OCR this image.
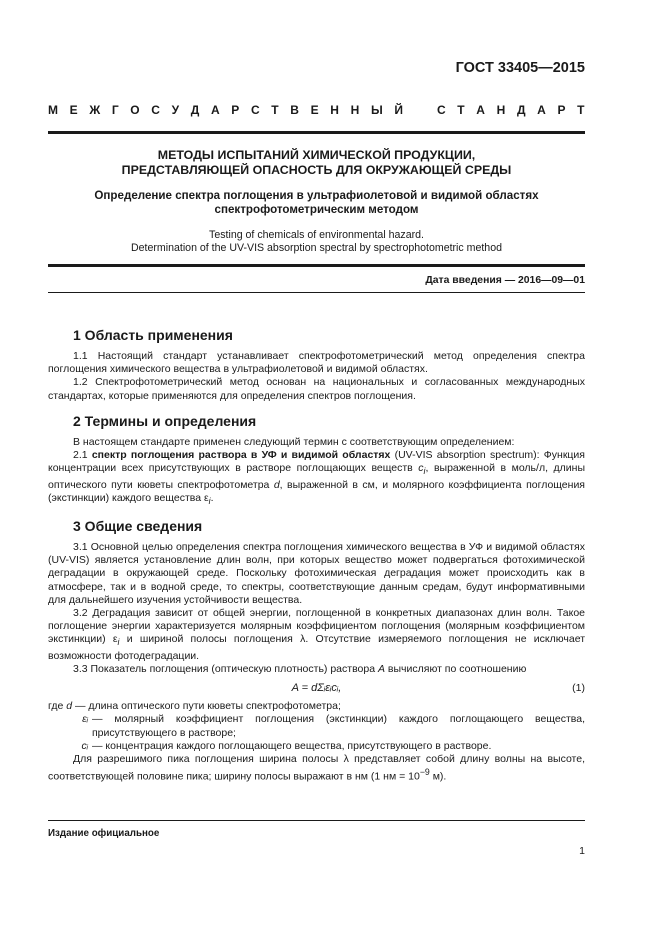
ГОСТ 33405—2015
М Е Ж Г О С У Д А Р С Т В Е Н Н Ы Й   С Т А Н Д А Р Т
МЕТОДЫ ИСПЫТАНИЙ ХИМИЧЕСКОЙ ПРОДУКЦИИ,
ПРЕДСТАВЛЯЮЩЕЙ ОПАСНОСТЬ ДЛЯ ОКРУЖАЮЩЕЙ СРЕДЫ
Определение спектра поглощения в ультрафиолетовой и видимой областях
спектрофотометрическим методом
Testing of chemicals of environmental hazard.
Determination of the UV-VIS absorption spectral by spectrophotometric method
Дата введения — 2016—09—01
1 Область применения

1.1 Настоящий стандарт устанавливает спектрофотометрический метод определения спектра поглощения химического вещества в ультрафиолетовой и видимой областях.

1.2 Спектрофотометрический метод основан на национальных и согласованных международных стандартах, которые применяются для определения спектров поглощения.

2 Термины и определения

В настоящем стандарте применен следующий термин с соответствующим определением:

2.1 спектр поглощения раствора в УФ и видимой областях (UV-VIS absorption spectrum): Функция концентрации всех присутствующих в растворе поглощающих веществ $c_i$, выраженной в моль/л, длины оптического пути кюветы спектрофотометра d, выраженной в см, и молярного коэффициента поглощения (экстинкции) каждого вещества $\varepsilon_i$.

3 Общие сведения

3.1 Основной целью определения спектра поглощения химического вещества в УФ и видимой областях (UV-VIS) является установление длин волн, при которых вещество может подвергаться фотохимической деградации в окружающей среде. Поскольку фотохимическая деградация может происходить как в атмосфере, так и в водной среде, то спектры, соответствующие данным средам, будут информативными для дальнейшего изучения устойчивости вещества.

3.2 Деградация зависит от общей энергии, поглощенной в конкретных диапазонах длин волн. Такое поглощение энергии характеризуется молярным коэффициентом поглощения (молярным коэффициентом экстинкции) $\varepsilon_i$ и шириной полосы поглощения λ. Отсутствие измеряемого поглощения не исключает возможности фотодеградации.

3.3 Показатель поглощения (оптическую плотность) раствора A вычисляют по соотношению

A = dΣᵢεᵢcᵢ,	(1)
где d — длина оптического пути кюветы спектрофотометра;
εᵢ — молярный коэффициент поглощения (экстинкции) каждого поглощающего вещества, присутствующего в растворе;
cᵢ — концентрация каждого поглощающего вещества, присутствующего в растворе.

Для разрешимого пика поглощения ширина полосы λ представляет собой длину волны на высоте, соответствующей половине пика; ширину полосы выражают в нм (1 нм = $10^{-9}$ м).

Издание официальное
1
